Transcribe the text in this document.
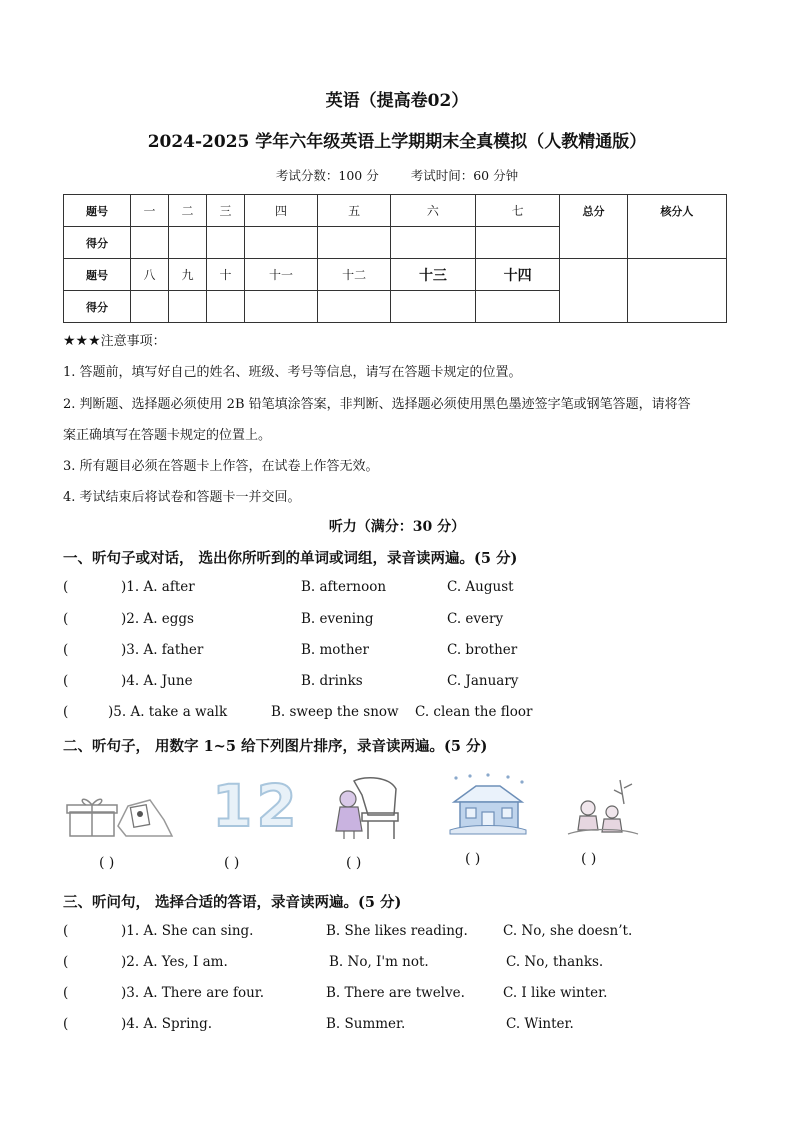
英语（提高卷02）
2024-2025 学年六年级英语上学期期末全真模拟（人教精通版）
考试分数：100 分	考试时间：60 分钟
题号	一	二	三	四	五	六	七	总分	核分人
得分									
题号	八	九	十	十一	十二	十三	十四		
得分									
★★★注意事项：
1. 答题前，填写好自己的姓名、班级、考号等信息，请写在答题卡规定的位置。
2. 判断题、选择题必须使用 2B 铅笔填涂答案，非判断、选择题必须使用黑色墨迹签字笔或钢笔答题，请将答
案正确填写在答题卡规定的位置上。
3. 所有题目必须在答题卡上作答，在试卷上作答无效。
4. 考试结束后将试卷和答题卡一并交回。
听力（满分：30 分）
一、听句子或对话， 选出你所听到的单词或词组，录音读两遍。(5 分)
(	)1. A. after	B. afternoon	C. August
(	)2. A. eggs	B. evening	C. every
(	)3. A. father	B. mother	C. brother
(	)4. A. June	B. drinks	C. January
(	)5. A. take a walk	B. sweep the snow C. clean the floor
二、听句子， 用数字 1~5 给下列图片排序，录音读两遍。(5 分)
12
( )	( )	( )	( )	( )
三、听问句， 选择合适的答语，录音读两遍。(5 分)
(	)1. A. She can sing.	B. She likes reading.	C. No, she doesn’t.
(	)2. A. Yes, I am.	B. No, I'm not.	C. No, thanks.
(	)3. A. There are four.	B. There are twelve.	C. I like winter.
(	)4. A. Spring.	B. Summer.	C. Winter.
